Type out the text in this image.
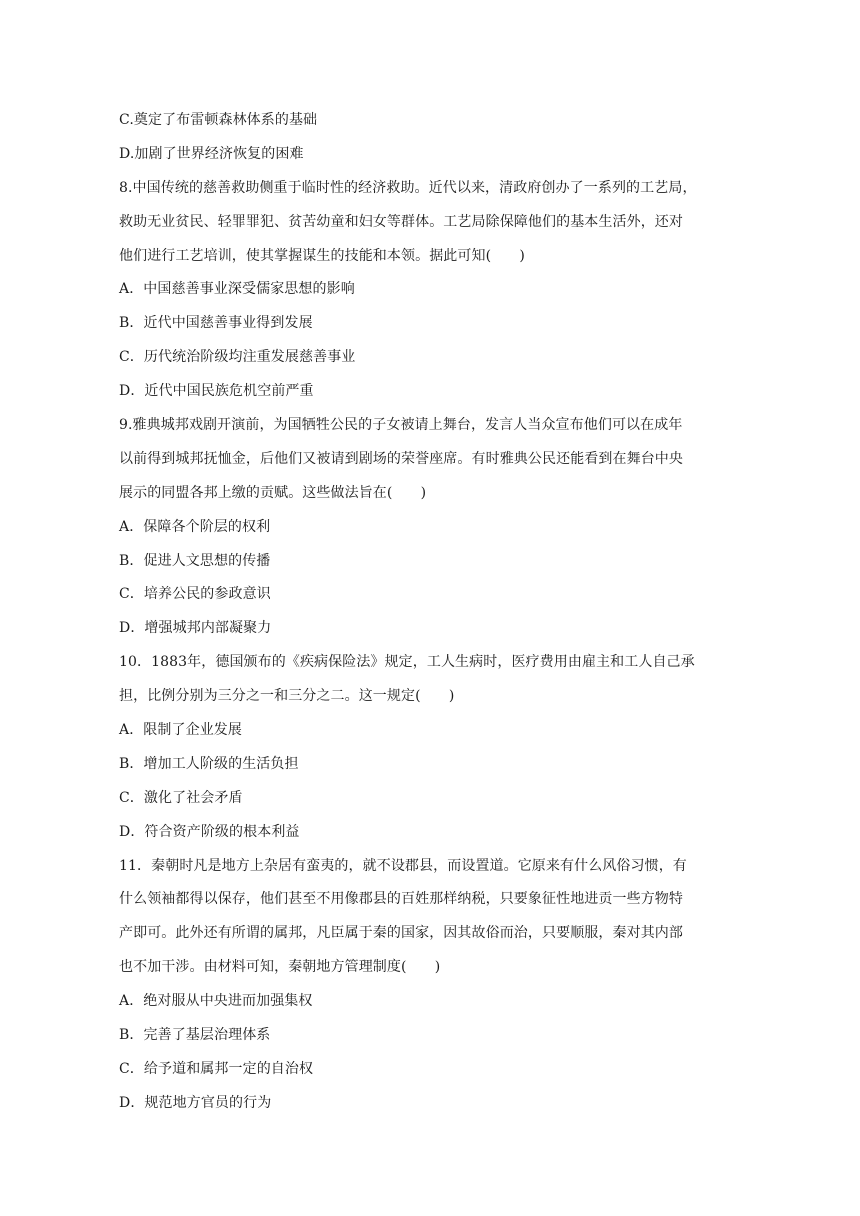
C.奠定了布雷顿森林体系的基础
D.加剧了世界经济恢复的困难
8.中国传统的慈善救助侧重于临时性的经济救助。近代以来，清政府创办了一系列的工艺局，
救助无业贫民、轻罪罪犯、贫苦幼童和妇女等群体。工艺局除保障他们的基本生活外，还对
他们进行工艺培训，使其掌握谋生的技能和本领。据此可知(　　)
A．中国慈善事业深受儒家思想的影响
B．近代中国慈善事业得到发展
C．历代统治阶级均注重发展慈善事业
D．近代中国民族危机空前严重
9.雅典城邦戏剧开演前，为国牺牲公民的子女被请上舞台，发言人当众宣布他们可以在成年
以前得到城邦抚恤金，后他们又被请到剧场的荣誉座席。有时雅典公民还能看到在舞台中央
展示的同盟各邦上缴的贡赋。这些做法旨在(　　)
A．保障各个阶层的权利
B．促进人文思想的传播
C．培养公民的参政意识
D．增强城邦内部凝聚力
10．1883年，德国颁布的《疾病保险法》规定，工人生病时，医疗费用由雇主和工人自己承
担，比例分别为三分之一和三分之二。这一规定(　　)
A．限制了企业发展
B．增加工人阶级的生活负担
C．激化了社会矛盾
D．符合资产阶级的根本利益
11．秦朝时凡是地方上杂居有蛮夷的，就不设郡县，而设置道。它原来有什么风俗习惯，有
什么领袖都得以保存，他们甚至不用像郡县的百姓那样纳税，只要象征性地进贡一些方物特
产即可。此外还有所谓的属邦，凡臣属于秦的国家，因其故俗而治，只要顺服，秦对其内部
也不加干涉。由材料可知，秦朝地方管理制度(　　)
A．绝对服从中央进而加强集权
B．完善了基层治理体系
C．给予道和属邦一定的自治权
D．规范地方官员的行为
